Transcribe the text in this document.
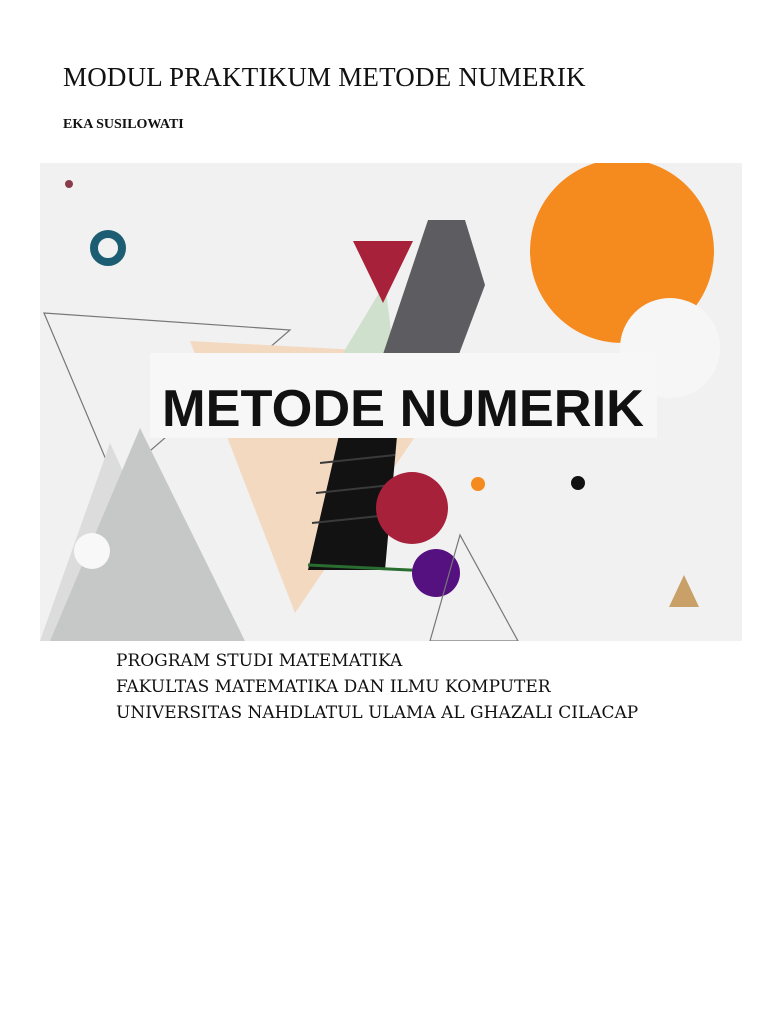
MODUL PRAKTIKUM METODE NUMERIK

EKA SUSILOWATI

METODE NUMERIK
PROGRAM STUDI MATEMATIKA
FAKULTAS MATEMATIKA DAN ILMU KOMPUTER
UNIVERSITAS NAHDLATUL ULAMA AL GHAZALI CILACAP
